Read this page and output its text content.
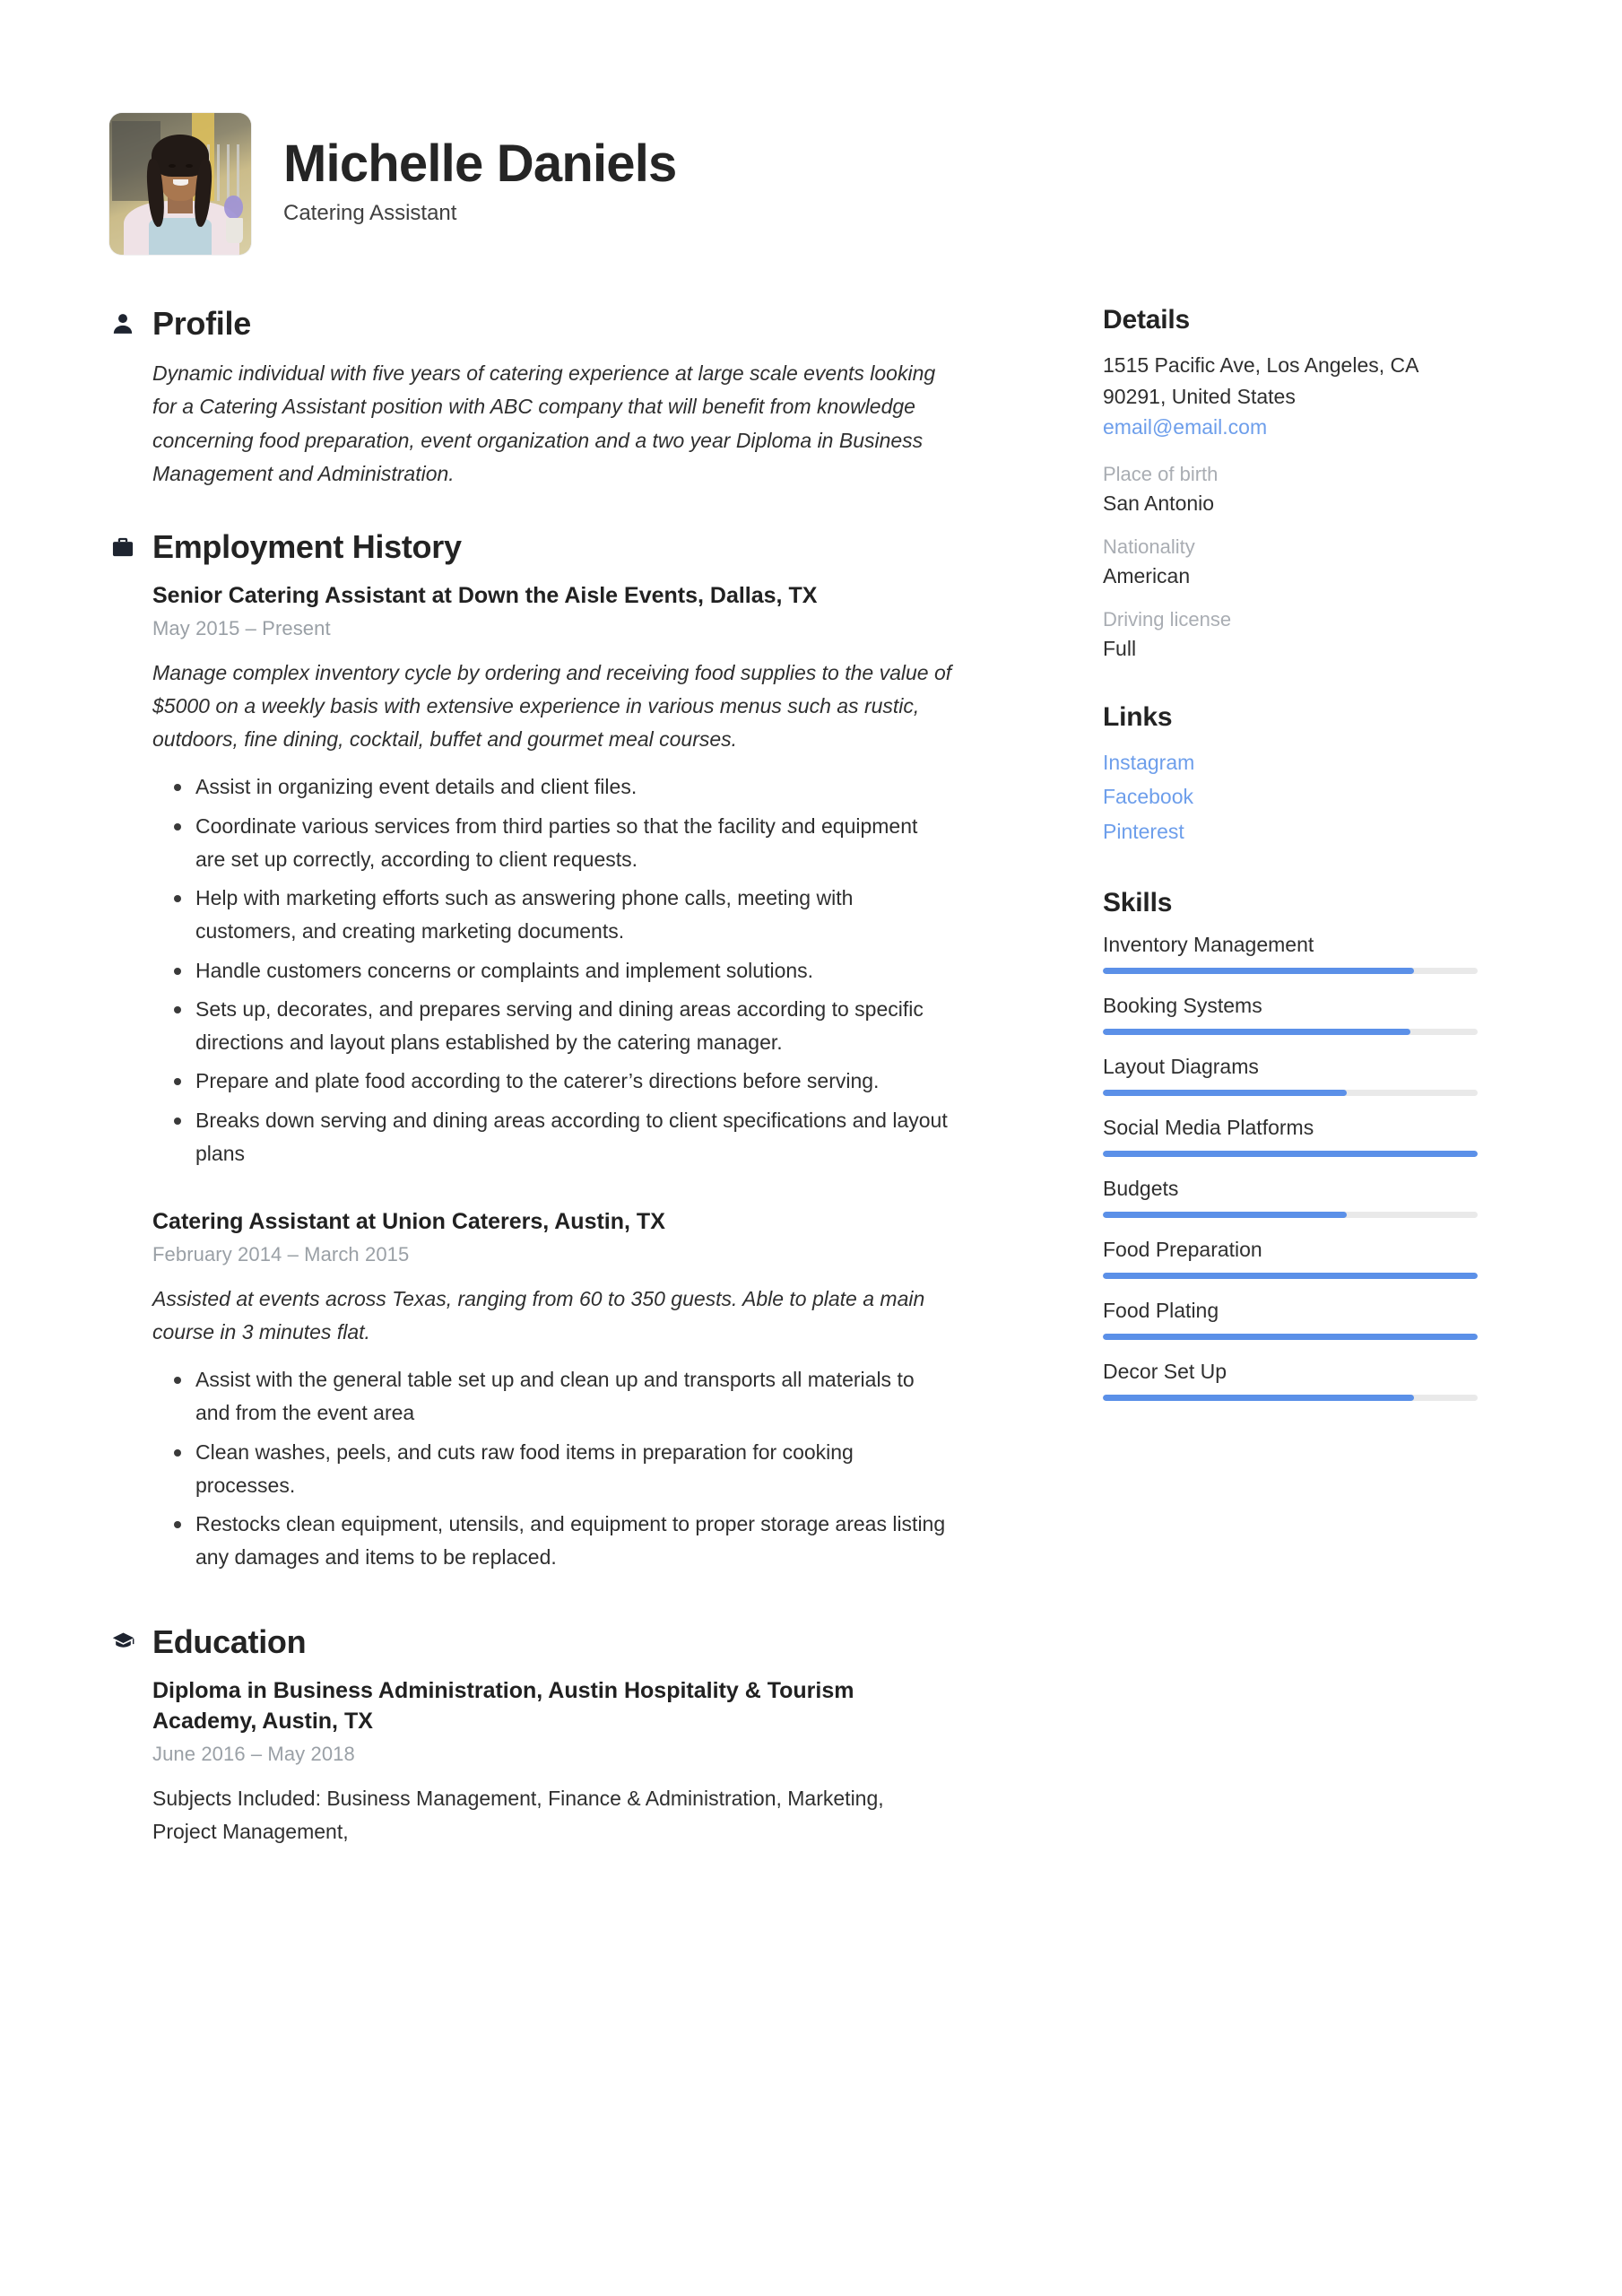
Michelle Daniels
Catering Assistant
Profile
Dynamic individual with five years of catering experience at large scale events looking for a Catering Assistant position with ABC company that will benefit from knowledge concerning food preparation, event organization and a two year Diploma in Business Management and Administration.
Employment History
Senior Catering Assistant at Down the Aisle Events, Dallas, TX
May 2015 – Present
Manage complex inventory cycle by ordering and receiving food supplies to the value of $5000 on a weekly basis with extensive experience in various menus such as rustic, outdoors, fine dining, cocktail, buffet and gourmet meal courses.
Assist in organizing event details and client files.
Coordinate various services from third parties so that the facility and equipment are set up correctly, according to client requests.
Help with marketing efforts such as answering phone calls, meeting with customers, and creating marketing documents.
Handle customers concerns or complaints and implement solutions.
Sets up, decorates, and prepares serving and dining areas according to specific directions and layout plans established by the catering manager.
Prepare and plate food according to the caterer’s directions before serving.
Breaks down serving and dining areas according to client specifications and layout plans
Catering Assistant at Union Caterers, Austin, TX
February 2014 – March 2015
Assisted at events across Texas, ranging from 60 to 350 guests. Able to plate a main course in 3 minutes flat.
Assist with the general table set up and clean up and transports all materials to and from the event area
Clean washes, peels, and cuts raw food items in preparation for cooking processes.
Restocks clean equipment, utensils, and equipment to proper storage areas listing any damages and items to be replaced.
Education
Diploma in Business Administration, Austin Hospitality & Tourism Academy, Austin, TX
June 2016 – May 2018
Subjects Included: Business Management, Finance & Administration, Marketing, Project Management,
Details
1515 Pacific Ave, Los Angeles, CA
90291, United States
email@email.com
Place of birth
San Antonio
Nationality
American
Driving license
Full
Links
Instagram
Facebook
Pinterest
Skills
Inventory Management
Booking Systems
Layout Diagrams
Social Media Platforms
Budgets
Food Preparation
Food Plating
Decor Set Up
